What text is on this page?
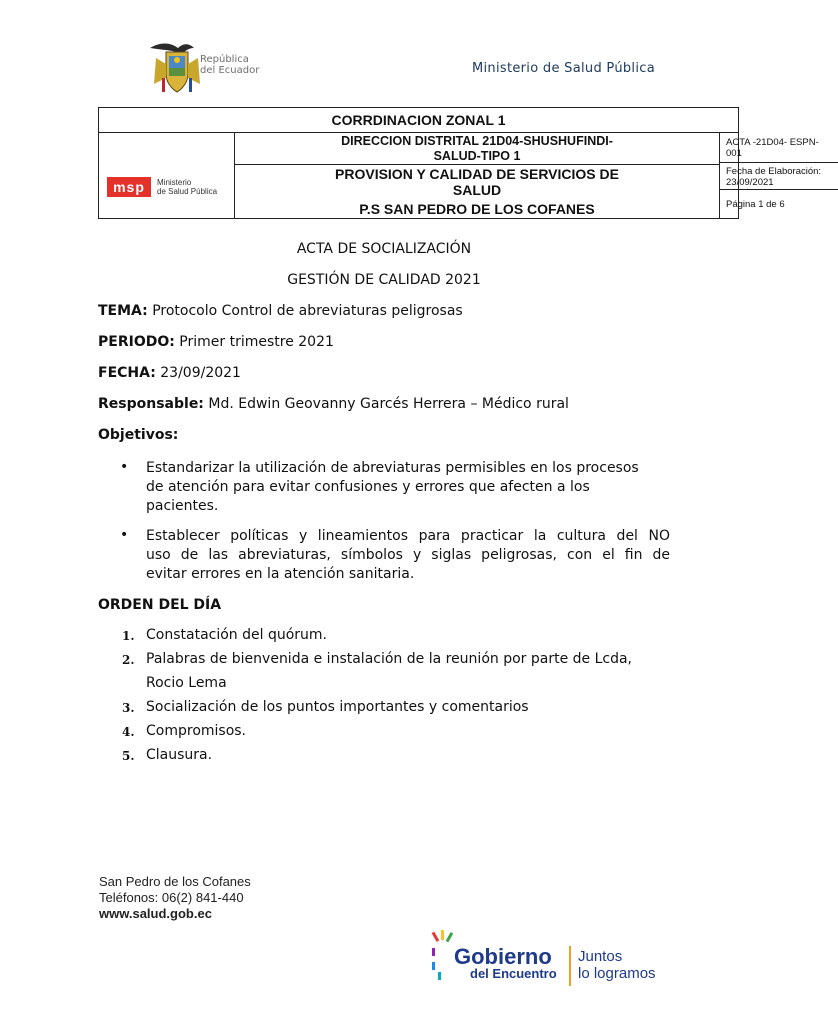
República
del Ecuador	Ministerio de Salud Pública
CORRDINACION ZONAL 1
msp	Ministerio
de Salud Pública
DIRECCION DISTRITAL 21D04-SHUSHUFINDI-
SALUD-TIPO 1
PROVISION Y CALIDAD DE SERVICIOS DE
SALUD
P.S SAN PEDRO DE LOS COFANES
ACTA -21D04- ESPN-
001
Fecha de Elaboración:
23/09/2021
Página 1 de 6
ACTA DE SOCIALIZACIÓN
GESTIÓN DE CALIDAD 2021
TEMA: Protocolo Control de abreviaturas peligrosas
PERIODO: Primer trimestre 2021
FECHA: 23/09/2021
Responsable: Md. Edwin Geovanny Garcés Herrera – Médico rural
Objetivos:
• Estandarizar la utilización de abreviaturas permisibles en los procesos
de atención para evitar confusiones y errores que afecten a los
pacientes.
• Establecer políticas y lineamientos para practicar la cultura del NO
uso de las abreviaturas, símbolos y siglas peligrosas, con el fin de
evitar errores en la atención sanitaria.
ORDEN DEL DÍA
1. Constatación del quórum.
2. Palabras de bienvenida e instalación de la reunión por parte de Lcda,
Rocio Lema
3. Socialización de los puntos importantes y comentarios
4. Compromisos.
5. Clausura.
San Pedro de los Cofanes
Teléfonos: 06(2) 841-440
www.salud.gob.ec
Gobierno
del Encuentro
Juntos
lo logramos
